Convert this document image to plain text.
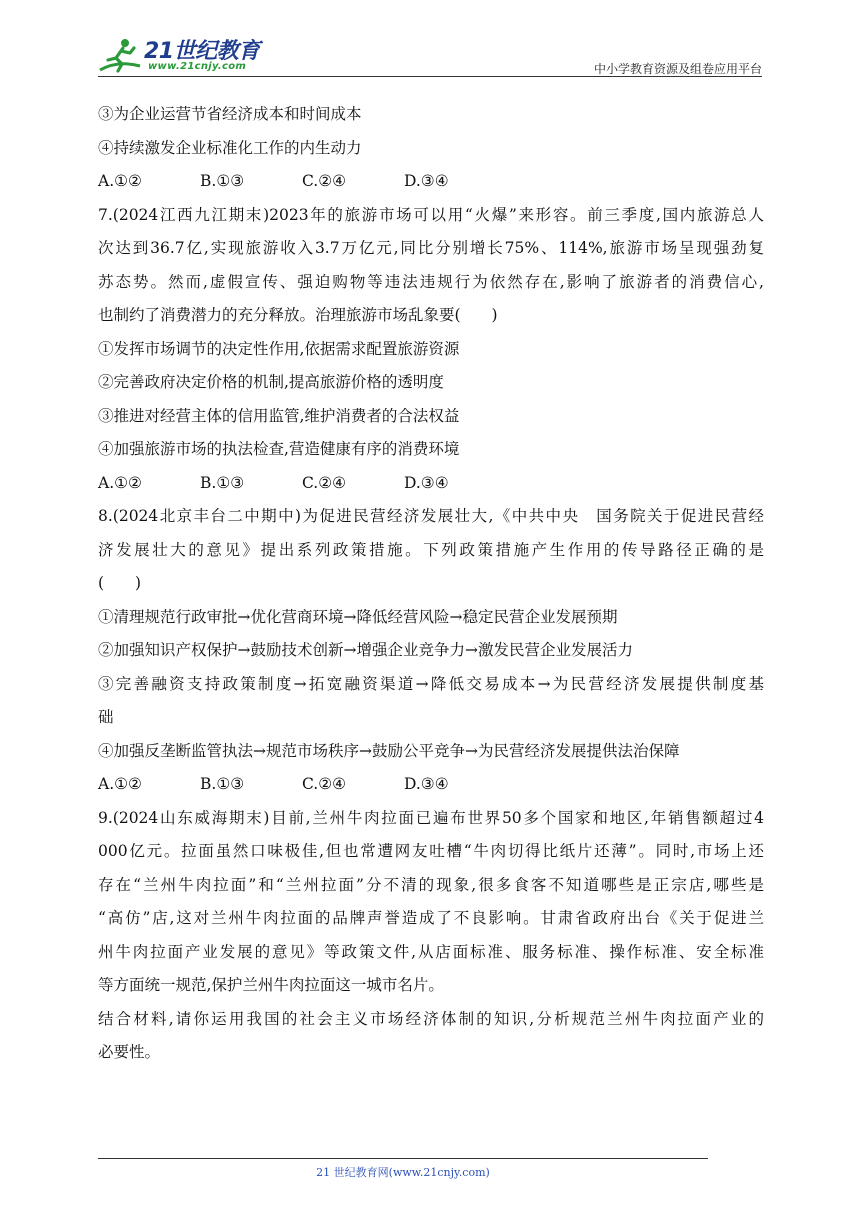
21世纪教育
www.21cnjy.com	中小学教育资源及组卷应用平台
③为企业运营节省经济成本和时间成本
④持续激发企业标准化工作的内生动力
A.①②	B.①③	C.②④	D.③④
7.(2024江西九江期末)2023年的旅游市场可以用“火爆”来形容。前三季度,国内旅游总人
次达到36.7亿,实现旅游收入3.7万亿元,同比分别增长75%、114%,旅游市场呈现强劲复
苏态势。然而,虚假宣传、强迫购物等违法违规行为依然存在,影响了旅游者的消费信心,
也制约了消费潜力的充分释放。治理旅游市场乱象要(　　)
①发挥市场调节的决定性作用,依据需求配置旅游资源
②完善政府决定价格的机制,提高旅游价格的透明度
③推进对经营主体的信用监管,维护消费者的合法权益
④加强旅游市场的执法检查,营造健康有序的消费环境
A.①②	B.①③	C.②④	D.③④
8.(2024北京丰台二中期中)为促进民营经济发展壮大,《中共中央　国务院关于促进民营经
济发展壮大的意见》提出系列政策措施。下列政策措施产生作用的传导路径正确的是
(　　)
①清理规范行政审批→优化营商环境→降低经营风险→稳定民营企业发展预期
②加强知识产权保护→鼓励技术创新→增强企业竞争力→激发民营企业发展活力
③完善融资支持政策制度→拓宽融资渠道→降低交易成本→为民营经济发展提供制度基
础
④加强反垄断监管执法→规范市场秩序→鼓励公平竞争→为民营经济发展提供法治保障
A.①②	B.①③	C.②④	D.③④
9.(2024山东威海期末)目前,兰州牛肉拉面已遍布世界50多个国家和地区,年销售额超过4
000亿元。拉面虽然口味极佳,但也常遭网友吐槽“牛肉切得比纸片还薄”。同时,市场上还
存在“兰州牛肉拉面”和“兰州拉面”分不清的现象,很多食客不知道哪些是正宗店,哪些是
“高仿”店,这对兰州牛肉拉面的品牌声誉造成了不良影响。甘肃省政府出台《关于促进兰
州牛肉拉面产业发展的意见》等政策文件,从店面标准、服务标准、操作标准、安全标准
等方面统一规范,保护兰州牛肉拉面这一城市名片。
结合材料,请你运用我国的社会主义市场经济体制的知识,分析规范兰州牛肉拉面产业的
必要性。
21 世纪教育网(www.21cnjy.com)
